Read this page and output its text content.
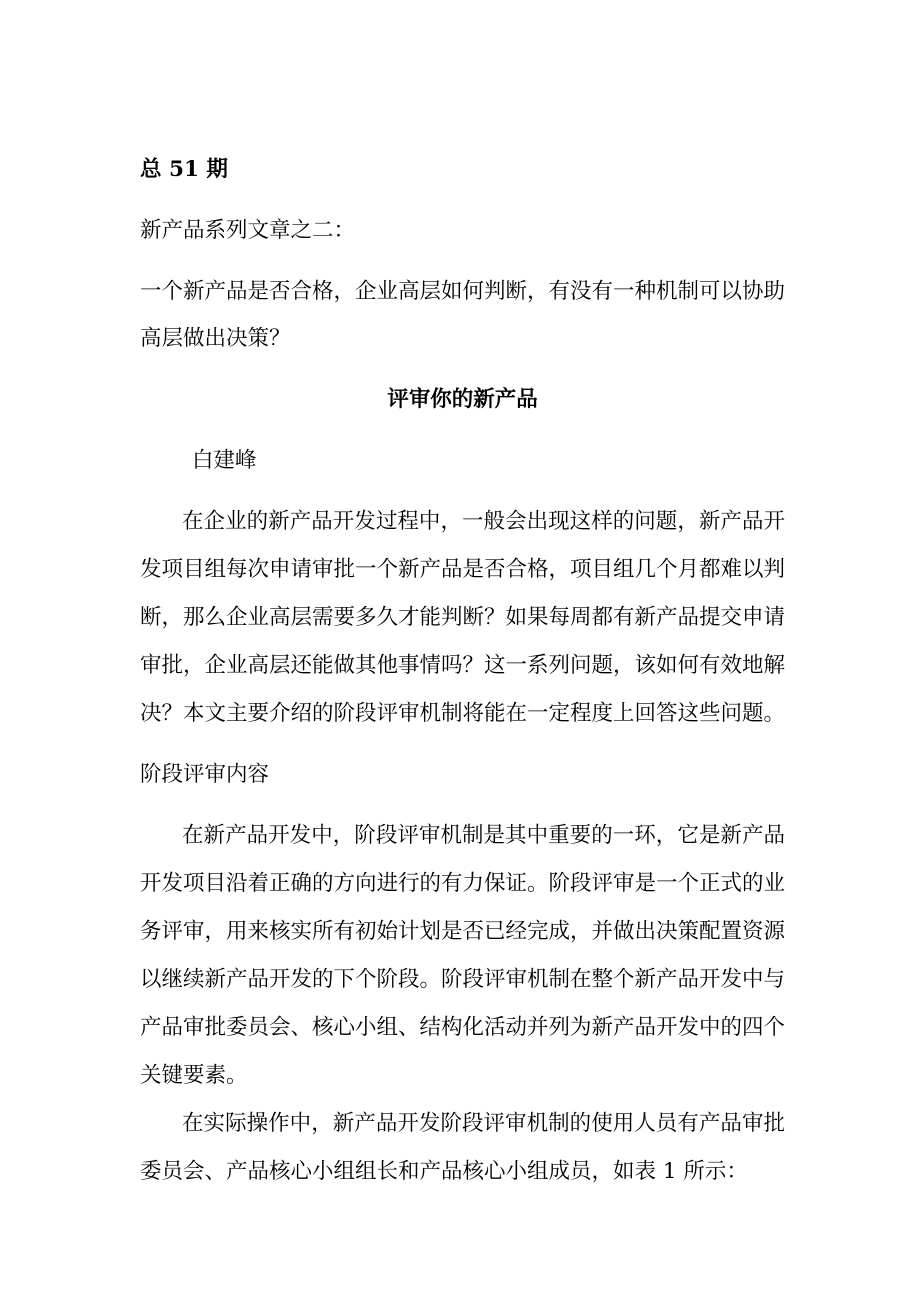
总 51 期
新产品系列文章之二：
一个新产品是否合格，企业高层如何判断，有没有一种机制可以协助
高层做出决策？
评审你的新产品
白建峰
在企业的新产品开发过程中，一般会出现这样的问题，新产品开
发项目组每次申请审批一个新产品是否合格，项目组几个月都难以判
断，那么企业高层需要多久才能判断？如果每周都有新产品提交申请
审批，企业高层还能做其他事情吗？这一系列问题，该如何有效地解
决？本文主要介绍的阶段评审机制将能在一定程度上回答这些问题。
阶段评审内容
在新产品开发中，阶段评审机制是其中重要的一环，它是新产品
开发项目沿着正确的方向进行的有力保证。阶段评审是一个正式的业
务评审，用来核实所有初始计划是否已经完成，并做出决策配置资源
以继续新产品开发的下个阶段。阶段评审机制在整个新产品开发中与
产品审批委员会、核心小组、结构化活动并列为新产品开发中的四个
关键要素。
在实际操作中，新产品开发阶段评审机制的使用人员有产品审批
委员会、产品核心小组组长和产品核心小组成员，如表 1 所示：
